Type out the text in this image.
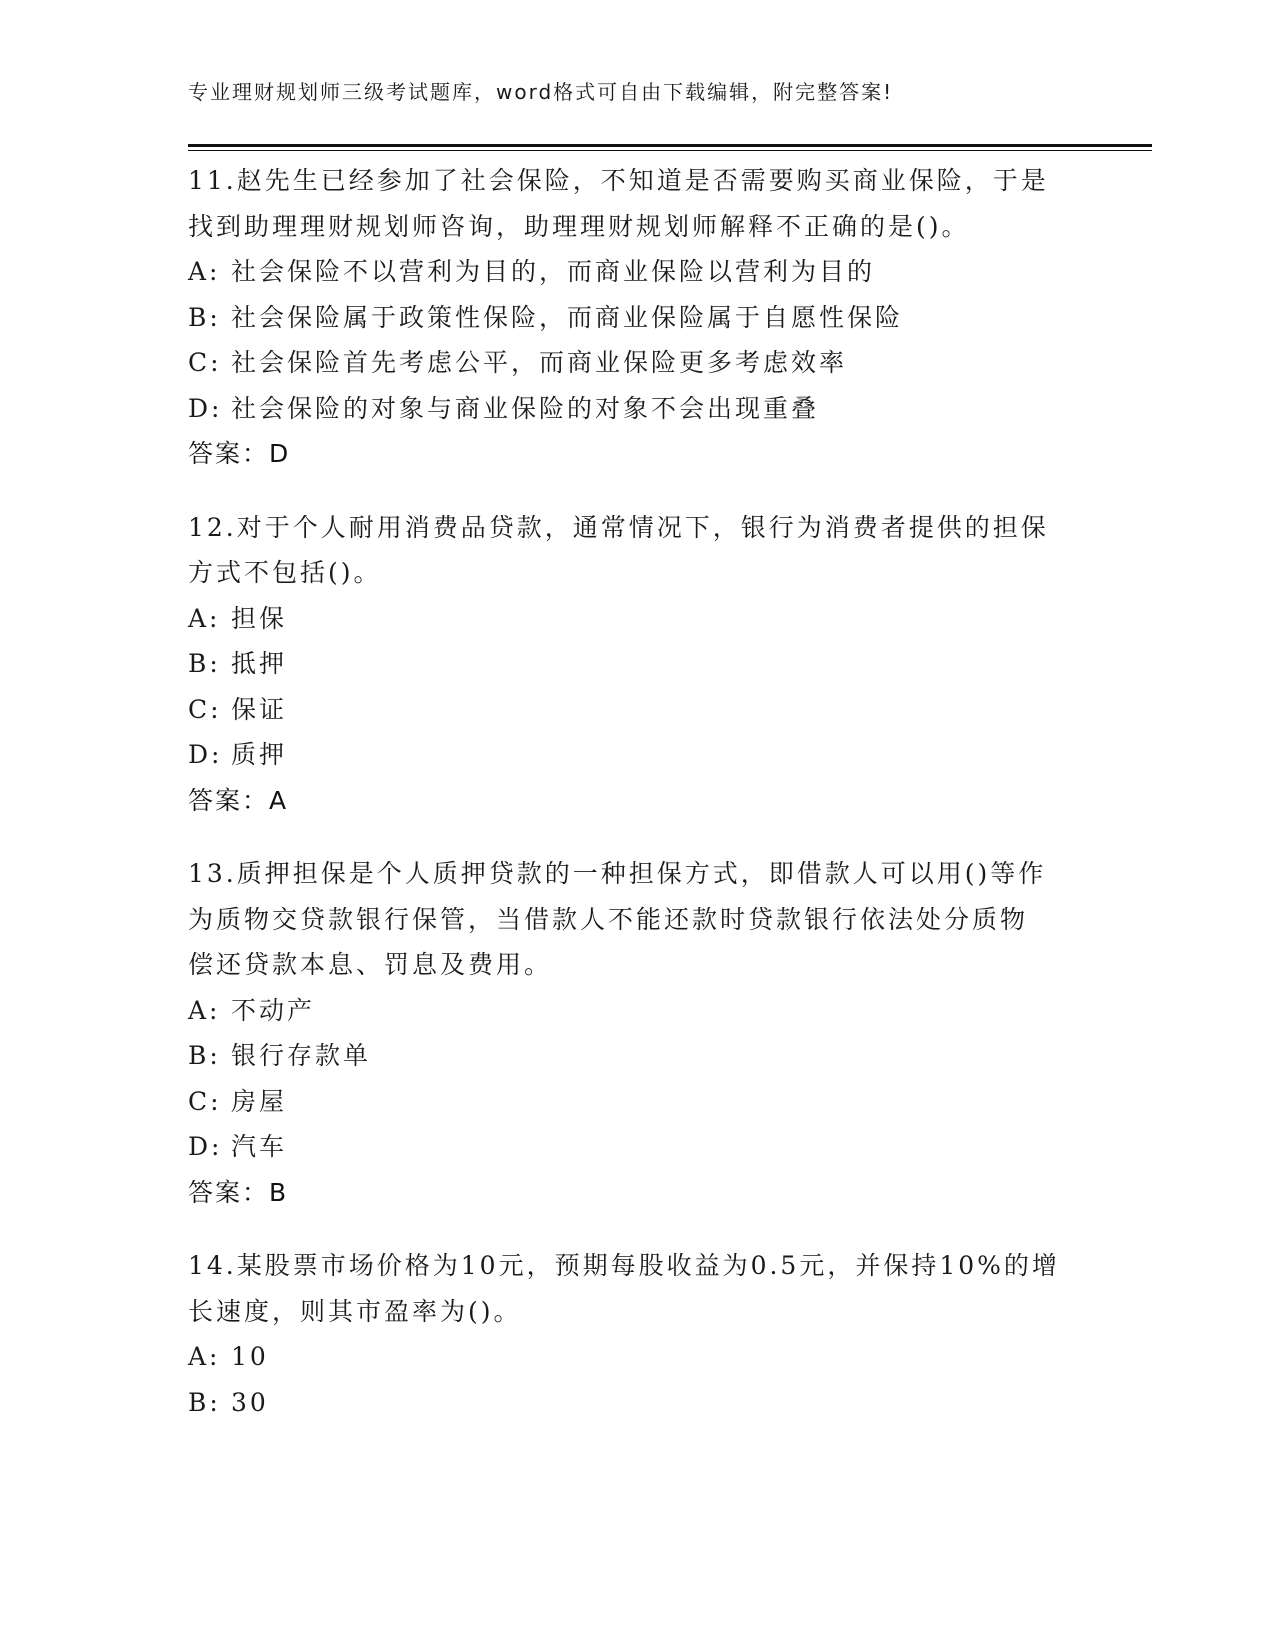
专业理财规划师三级考试题库，word格式可自由下载编辑，附完整答案!
11.赵先生已经参加了社会保险，不知道是否需要购买商业保险，于是
找到助理理财规划师咨询，助理理财规划师解释不正确的是()。
A: 社会保险不以营利为目的，而商业保险以营利为目的
B: 社会保险属于政策性保险，而商业保险属于自愿性保险
C: 社会保险首先考虑公平，而商业保险更多考虑效率
D: 社会保险的对象与商业保险的对象不会出现重叠
答案：D
12.对于个人耐用消费品贷款，通常情况下，银行为消费者提供的担保
方式不包括()。
A: 担保
B: 抵押
C: 保证
D: 质押
答案：A
13.质押担保是个人质押贷款的一种担保方式，即借款人可以用()等作
为质物交贷款银行保管，当借款人不能还款时贷款银行依法处分质物
偿还贷款本息、罚息及费用。
A: 不动产
B: 银行存款单
C: 房屋
D: 汽车
答案：B
14.某股票市场价格为10元，预期每股收益为0.5元，并保持10%的增
长速度，则其市盈率为()。
A: 10
B: 30
